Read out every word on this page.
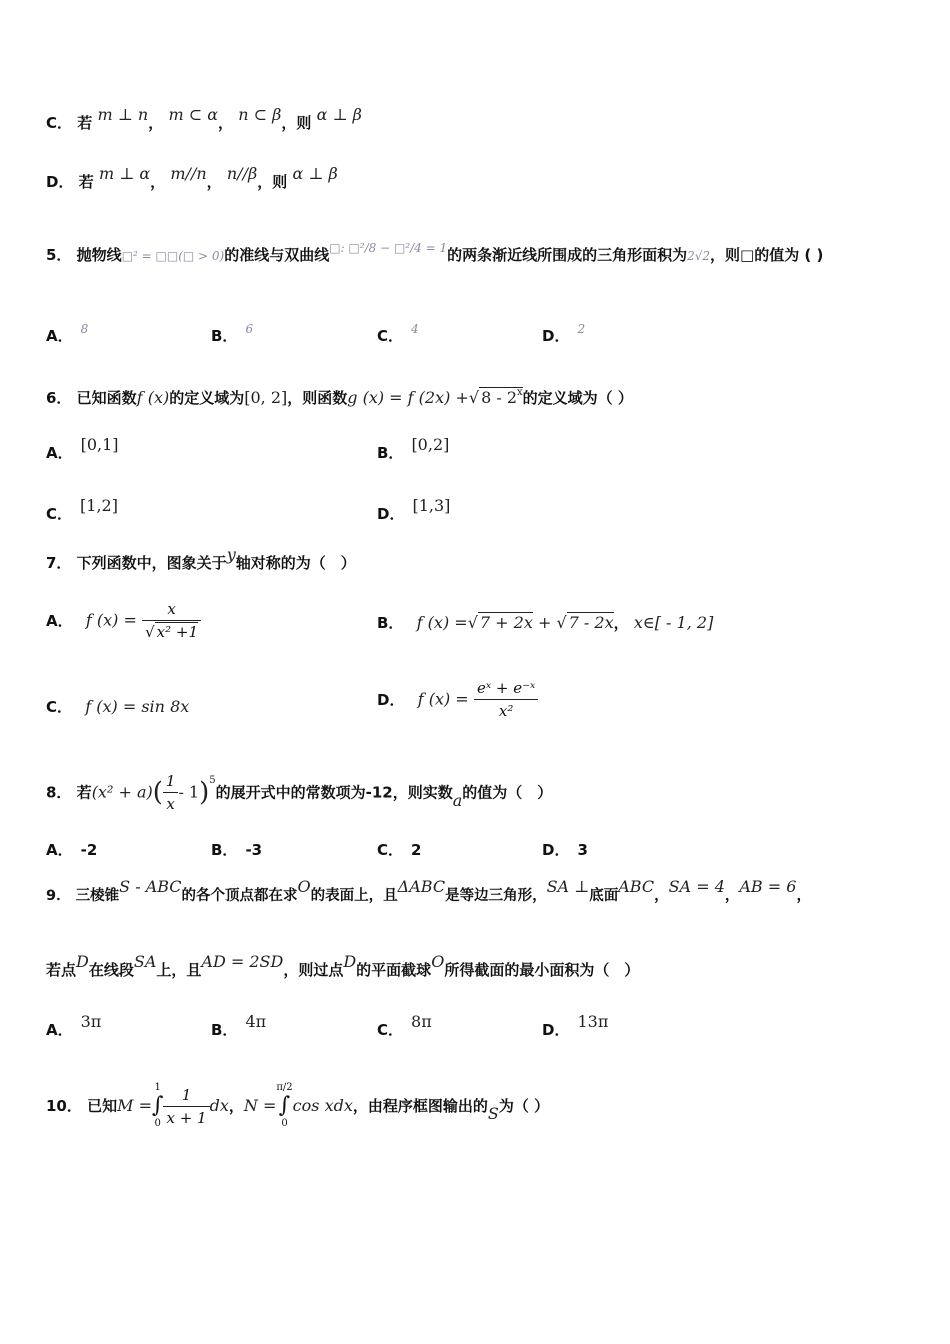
C． 若 m ⊥ n， m ⊂ α， n ⊂ β，则 α ⊥ β
D． 若 m ⊥ α， m//n， n//β，则 α ⊥ β
5． 抛物线□² = □□(□ > 0)的准线与双曲线$^{□: □^2/8 - □^2/4 = 1}$的两条渐近线所围成的三角形面积为2√2，则□的值为 ( )
A． $^8$	B． $^6$	C． $^4$	D． $^2$
6． 已知函数f (x)的定义域为[0, 2]，则函数g (x) = f (2x) +√ 8 - 2$^x$的定义域为（ ）
A． [0,1]	B． [0,2]
C． [1,2]	D． [1,3]
7． 下列函数中，图象关于y轴对称的为（　）
A． f $(x) = \frac{x}{\text{√ x² +1}}$	B． f (x) =√ 7 + 2x + √ 7 - 2x， x∈[ - 1, 2]
C． f (x) = sin 8x	D． f $(x) = \frac{\text{eˣ + e⁻ˣ}}{\text{x²}}$
8． 若$(x^2 + a)( \frac{1}{x} - 1)^5$的展开式中的常数项为-12，则实数a的值为（　）
A． -2	B． -3	C． 2	D． 3
9． 三棱锥S - ABC的各个顶点都在求O的表面上，且ΔABC是等边三角形，SA ⊥底面ABC，SA = 4，AB = 6，
若点D在线段SA上，且AD = 2SD，则过点D的平面截球O所得截面的最小面积为（　）
A． 3π	B． 4π	C． 8π	D． 13π
10． 已知M =
1
∫
$0 \frac{1}{x + 1}$ dx，N =
π/2
∫
0
cos xdx，由程序框图输出的S为（ ）
